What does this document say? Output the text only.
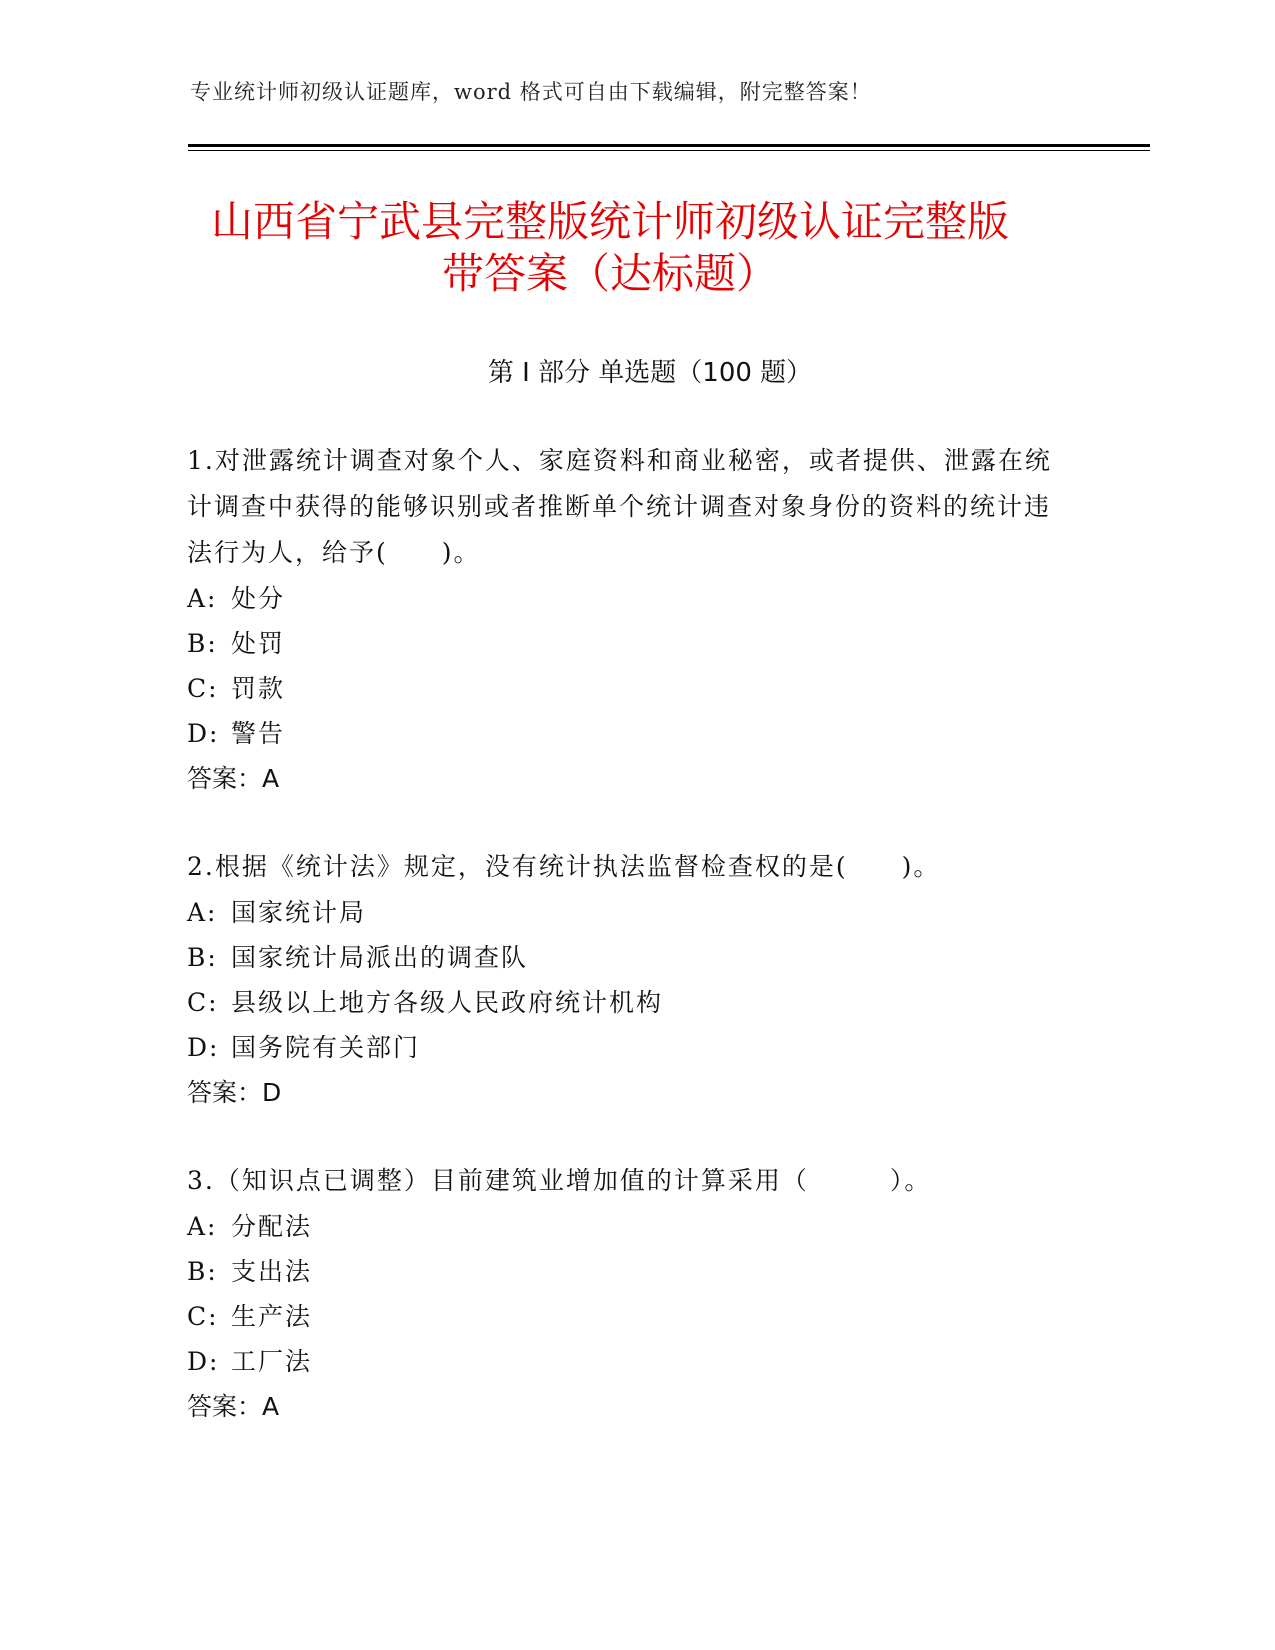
专业统计师初级认证题库，word 格式可自由下载编辑，附完整答案！
山西省宁武县完整版统计师初级认证完整版
带答案（达标题）
第 I 部分 单选题（100 题）

1.对泄露统计调查对象个人、家庭资料和商业秘密，或者提供、泄露在统计调查中获得的能够识别或者推断单个统计调查对象身份的资料的统计违法行为人，给予(　　)。

A: 处分
B: 处罚
C: 罚款
D: 警告
答案：A

2.根据《统计法》规定，没有统计执法监督检查权的是(　　)。

A: 国家统计局
B: 国家统计局派出的调查队
C: 县级以上地方各级人民政府统计机构
D: 国务院有关部门
答案：D

3.（知识点已调整）目前建筑业增加值的计算采用（　　　）。

A: 分配法
B: 支出法
C: 生产法
D: 工厂法
答案：A
